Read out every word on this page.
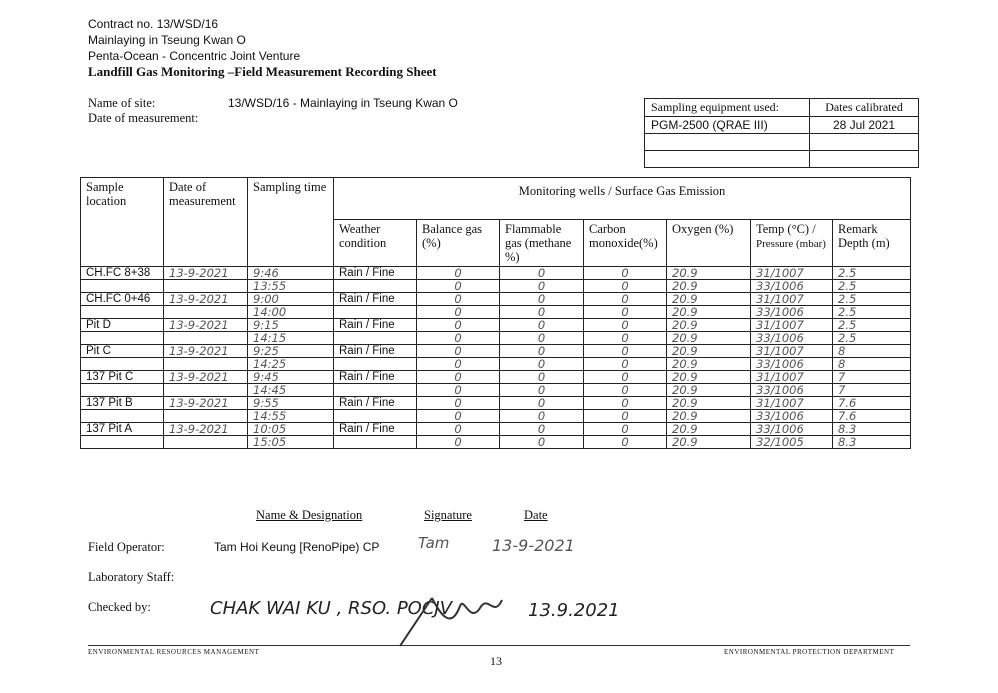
Contract no. 13/WSD/16
Mainlaying in Tseung Kwan O
Penta-Ocean - Concentric Joint Venture
Landfill Gas Monitoring –Field Measurement Recording Sheet
Name of site:	13/WSD/16 - Mainlaying in Tseung Kwan O
Date of measurement:
Sampling equipment used:	Dates calibrated
PGM-2500 (QRAE III)	28 Jul 2021

Sample location	Date of measurement	Sampling time	Monitoring wells / Surface Gas Emission						
			Weather condition	Balance gas (%)	Flammable gas (methane %)	Carbon monoxide(%)	Oxygen (%)	Temp (°C) /
Pressure (mbar)	Remark Depth (m)
CH.FC 8+38	13-9-2021	9:46	Rain / Fine	0	0	0	20.9	31/1007	2.5
		13:55		0	0	0	20.9	33/1006	2.5
CH.FC 0+46	13-9-2021	9:00	Rain / Fine	0	0	0	20.9	31/1007	2.5
		14:00		0	0	0	20.9	33/1006	2.5
Pit D	13-9-2021	9:15	Rain / Fine	0	0	0	20.9	31/1007	2.5
		14:15		0	0	0	20.9	33/1006	2.5
Pit C	13-9-2021	9:25	Rain / Fine	0	0	0	20.9	31/1007	8
		14:25		0	0	0	20.9	33/1006	8
137 Pit C	13-9-2021	9:45	Rain / Fine	0	0	0	20.9	31/1007	7
		14:45		0	0	0	20.9	33/1006	7
137 Pit B	13-9-2021	9:55	Rain / Fine	0	0	0	20.9	31/1007	7.6
		14:55		0	0	0	20.9	33/1006	7.6
137 Pit A	13-9-2021	10:05	Rain / Fine	0	0	0	20.9	33/1006	8.3
		15:05		0	0	0	20.9	32/1005	8.3
Name & Designation	Signature	Date
Field Operator:	Tam Hoi Keung [RenoPipe) CP	Tam	13-9-2021
Laboratory Staff:
Checked by:	CHAK WAI KU , RSO. POCJV	13.9.2021
ENVIRONMENTAL RESOURCES MANAGEMENT	ENVIRONMENTAL PROTECTION DEPARTMENT
13
